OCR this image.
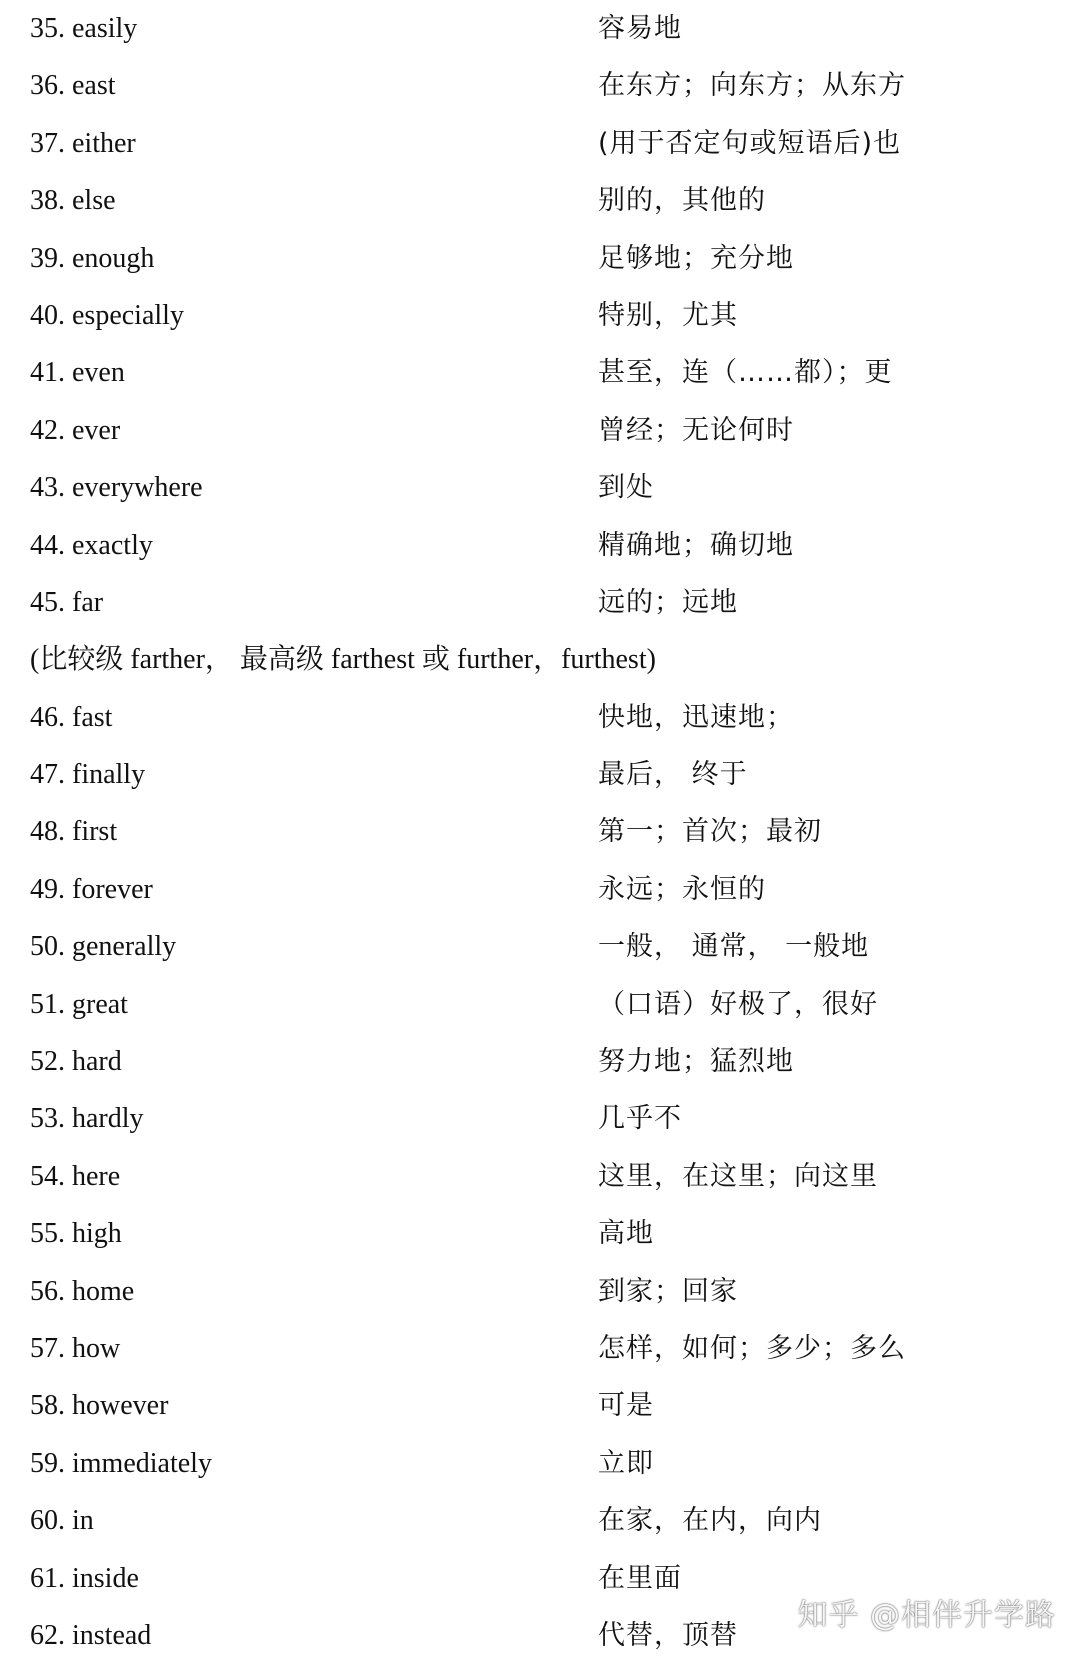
35. easily	容易地
36. east	在东方；向东方；从东方
37. either	(用于否定句或短语后)也
38. else	别的，其他的
39. enough	足够地；充分地
40. especially	特别，尤其
41. even	甚至，连（……都）；更
42. ever	曾经；无论何时
43. everywhere	到处
44. exactly	精确地；确切地
45. far	远的；远地
(比较级 farther， 最高级 farthest 或 further，furthest)
46. fast	快地，迅速地；
47. finally	最后， 终于
48. first	第一；首次；最初
49. forever	永远；永恒的
50. generally	一般， 通常， 一般地
51. great	（口语）好极了，很好
52. hard	努力地；猛烈地
53. hardly	几乎不
54. here	这里，在这里；向这里
55. high	高地
56. home	到家；回家
57. how	怎样，如何；多少；多么
58. however	可是
59. immediately	立即
60. in	在家，在内，向内
61. inside	在里面
62. instead	代替，顶替
知乎 @相伴升学路
